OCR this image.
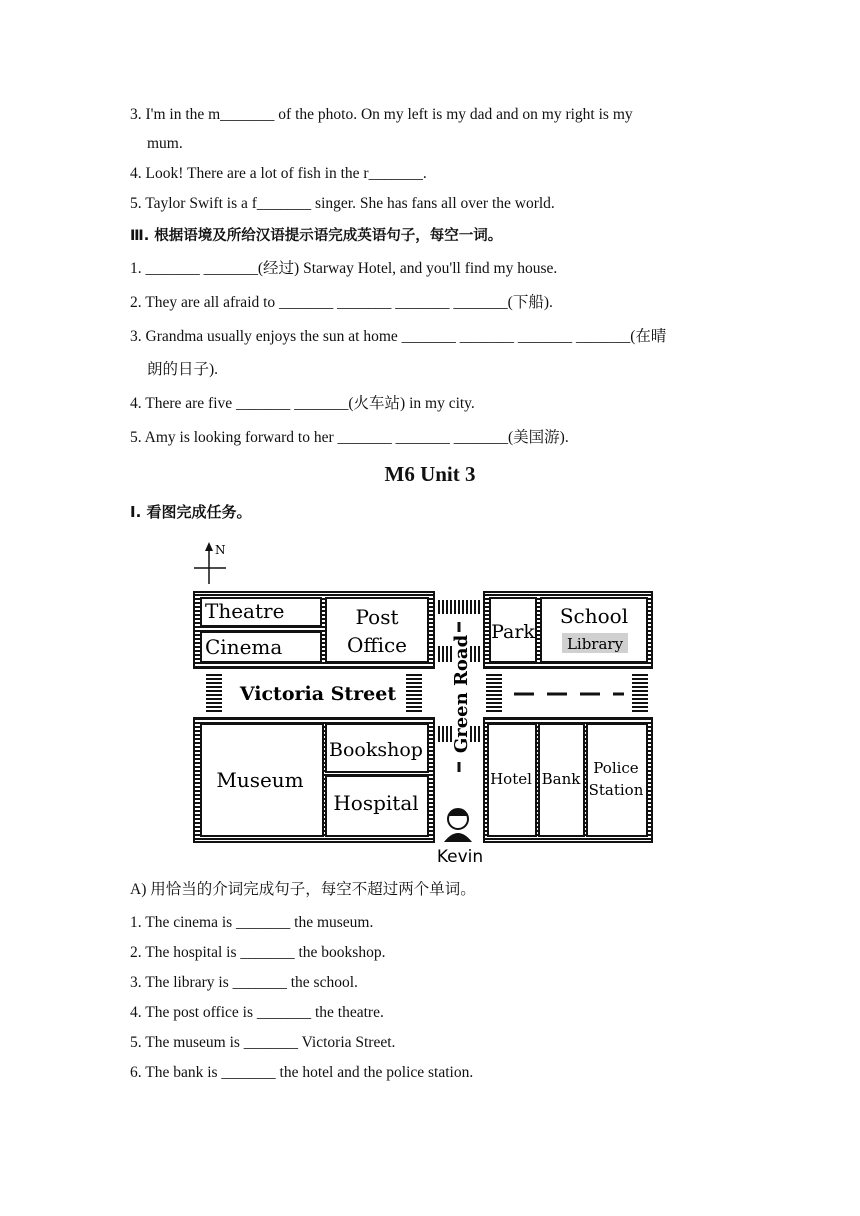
3. I'm in the m_______ of the photo. On my left is my dad and on my right is my
mum.
4. Look! There are a lot of fish in the r_______.
5. Taylor Swift is a f_______ singer. She has fans all over the world.
Ⅲ. 根据语境及所给汉语提示语完成英语句子，每空一词。
1. _______ _______(经过) Starway Hotel, and you'll find my house.
2. They are all afraid to _______ _______ _______ _______(下船).
3. Grandma usually enjoys the sun at home _______ _______ _______ _______(在晴
朗的日子).
4. There are five _______ _______(火车站) in my city.
5. Amy is looking forward to her _______ _______ _______(美国游).
M6 Unit 3
Ⅰ. 看图完成任务。
N
Theatre
Cinema
Post
Office
Park
School
Library
Victoria Street	Green Road
Bookshop
Museum
Hospital
Hotel Bank
Police
Station
Kevin
A) 用恰当的介词完成句子，每空不超过两个单词。
1. The cinema is _______ the museum.
2. The hospital is _______ the bookshop.
3. The library is _______ the school.
4. The post office is _______ the theatre.
5. The museum is _______ Victoria Street.
6. The bank is _______ the hotel and the police station.
